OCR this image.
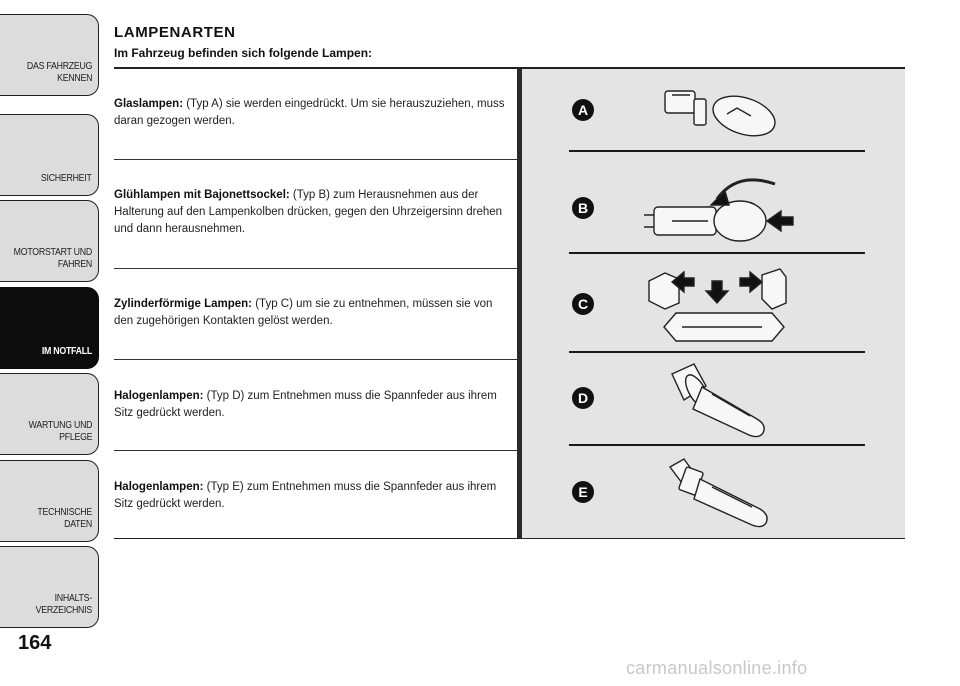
DAS FAHRZEUG
KENNEN
SICHERHEIT
MOTORSTART UND
FAHREN
IM NOTFALL
WARTUNG UND
PFLEGE
TECHNISCHE DATEN
INHALTS-
VERZEICHNIS
164
LAMPENARTEN
Im Fahrzeug befinden sich folgende Lampen:
Glaslampen: (Typ A) sie werden eingedrückt. Um sie herauszuziehen, muss daran gezogen werden.
Glühlampen mit Bajonettsockel: (Typ B) zum Herausnehmen aus der Halterung auf den Lampenkolben drücken, gegen den Uhrzeigersinn drehen und dann herausnehmen.
Zylinderförmige Lampen: (Typ C) um sie zu entnehmen, müssen sie von den zugehörigen Kontakten gelöst werden.
Halogenlampen: (Typ D) zum Entnehmen muss die Spannfeder aus ihrem Sitz gedrückt werden.
Halogenlampen: (Typ E) zum Entnehmen muss die Spannfeder aus ihrem Sitz gedrückt werden.
A
B
C
D
E
carmanualsonline.info
